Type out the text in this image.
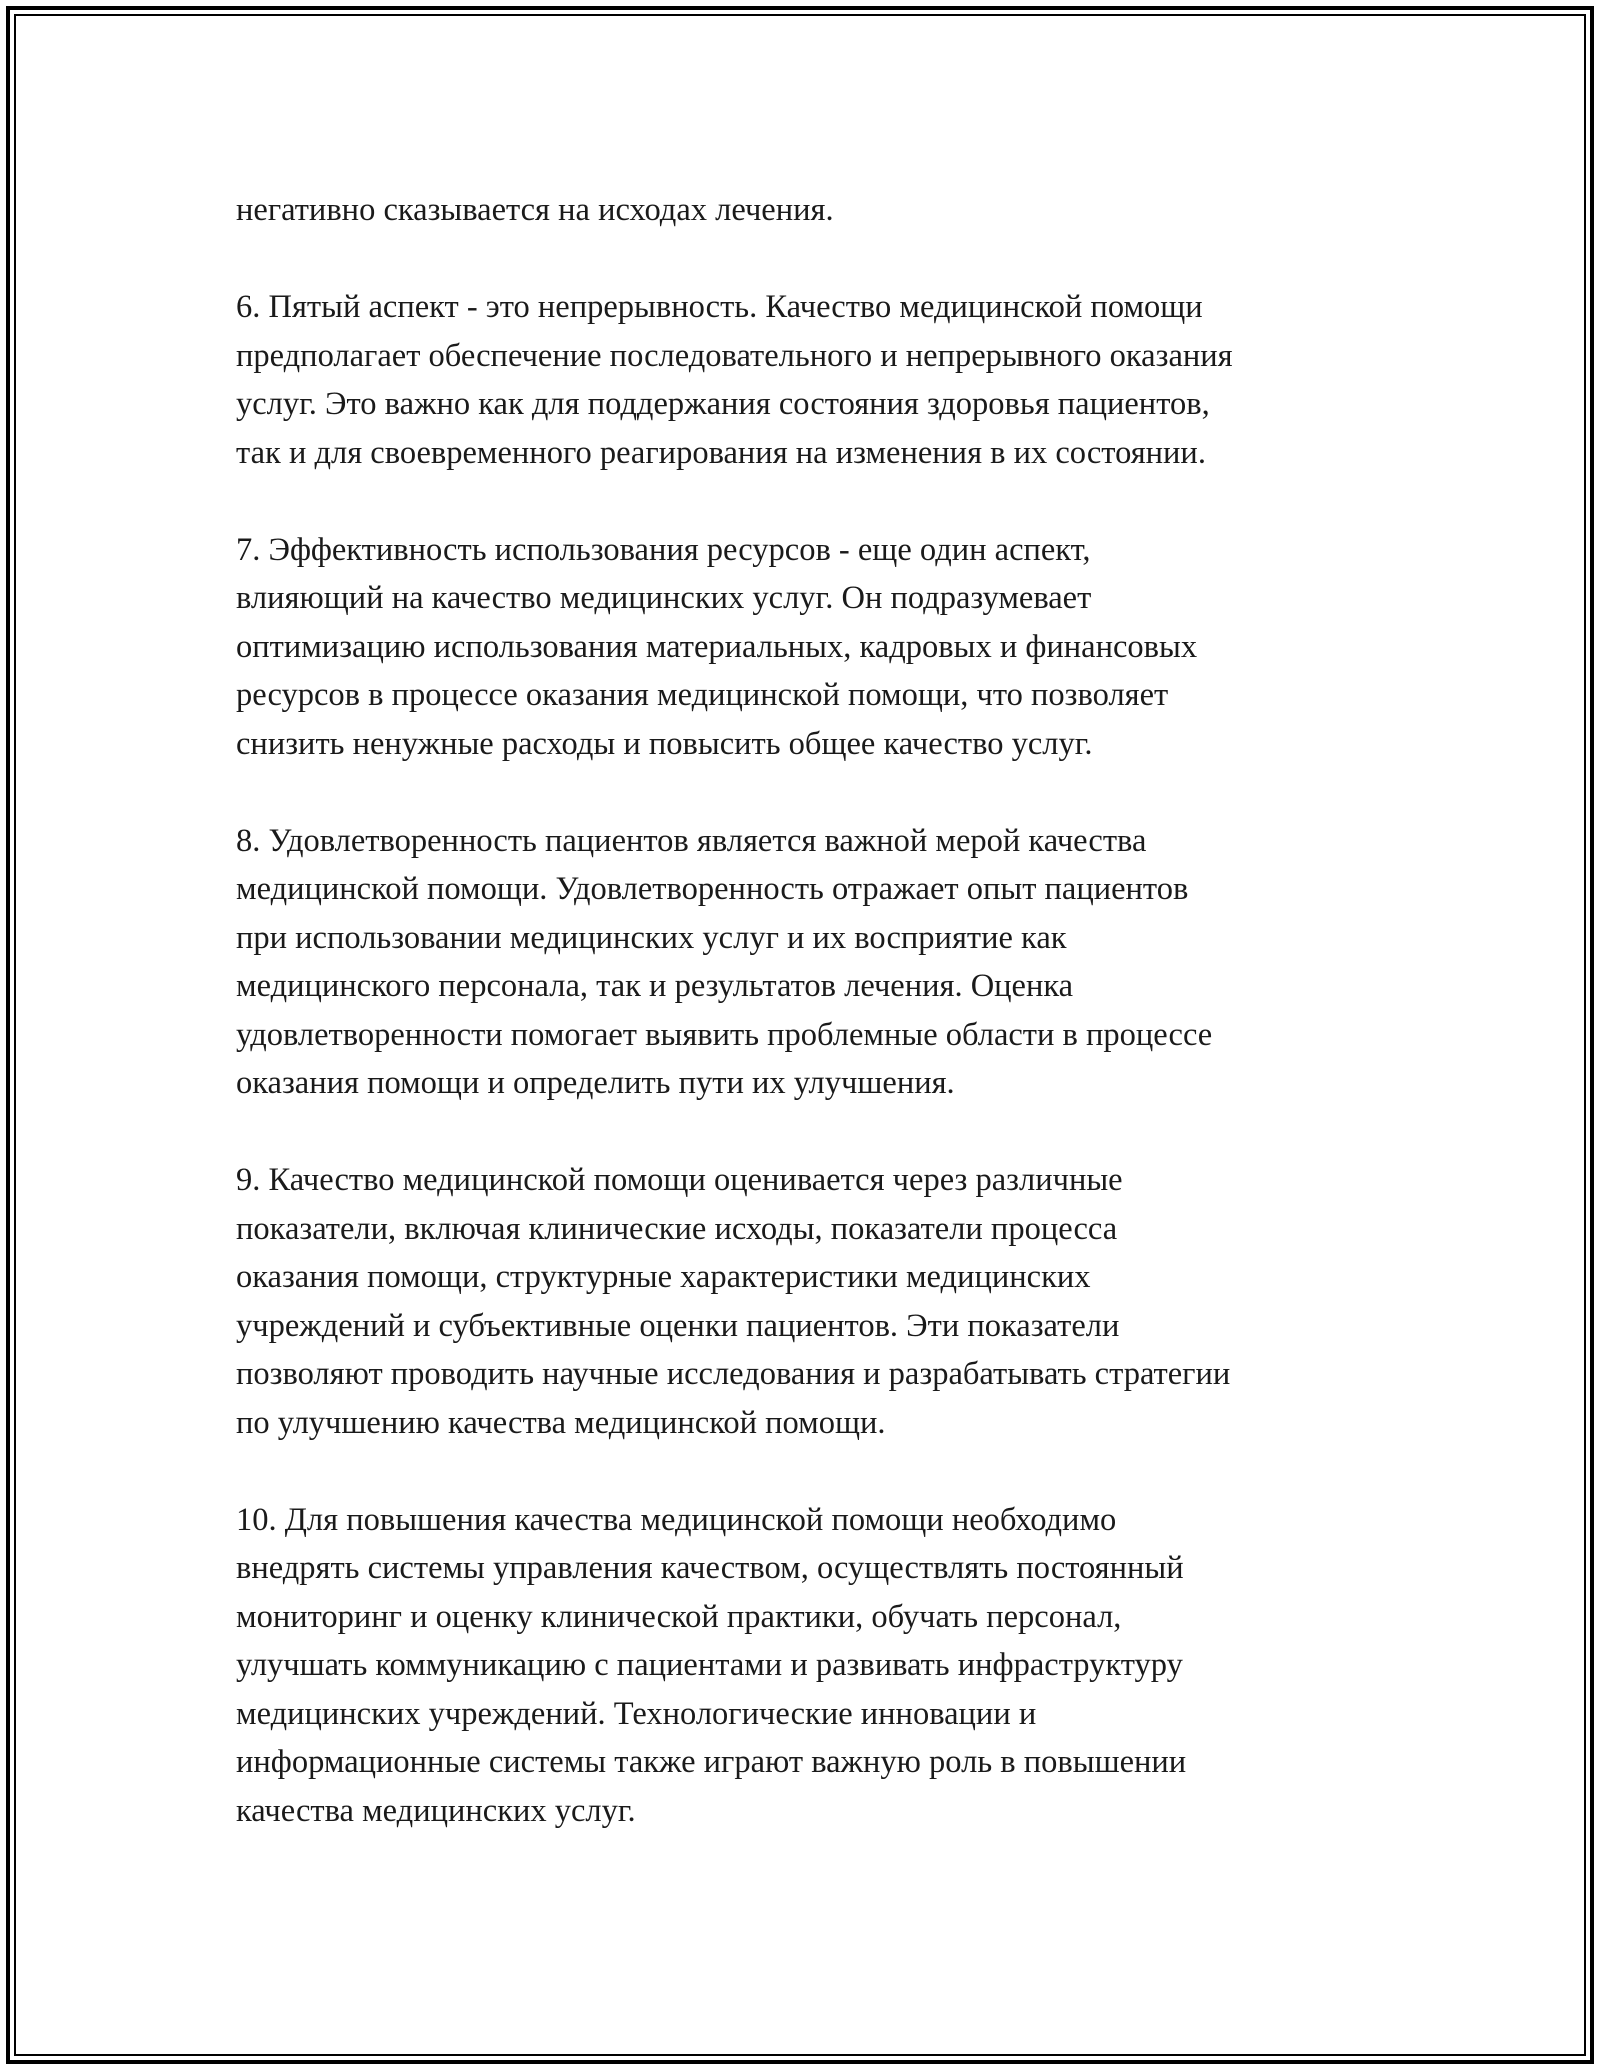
негативно сказывается на исходах лечения.
6. Пятый аспект - это непрерывность. Качество медицинской помощи
предполагает обеспечение последовательного и непрерывного оказания
услуг. Это важно как для поддержания состояния здоровья пациентов,
так и для своевременного реагирования на изменения в их состоянии.
7. Эффективность использования ресурсов - еще один аспект,
влияющий на качество медицинских услуг. Он подразумевает
оптимизацию использования материальных, кадровых и финансовых
ресурсов в процессе оказания медицинской помощи, что позволяет
снизить ненужные расходы и повысить общее качество услуг.
8. Удовлетворенность пациентов является важной мерой качества
медицинской помощи. Удовлетворенность отражает опыт пациентов
при использовании медицинских услуг и их восприятие как
медицинского персонала, так и результатов лечения. Оценка
удовлетворенности помогает выявить проблемные области в процессе
оказания помощи и определить пути их улучшения.
9. Качество медицинской помощи оценивается через различные
показатели, включая клинические исходы, показатели процесса
оказания помощи, структурные характеристики медицинских
учреждений и субъективные оценки пациентов. Эти показатели
позволяют проводить научные исследования и разрабатывать стратегии
по улучшению качества медицинской помощи.
10. Для повышения качества медицинской помощи необходимо
внедрять системы управления качеством, осуществлять постоянный
мониторинг и оценку клинической практики, обучать персонал,
улучшать коммуникацию с пациентами и развивать инфраструктуру
медицинских учреждений. Технологические инновации и
информационные системы также играют важную роль в повышении
качества медицинских услуг.
